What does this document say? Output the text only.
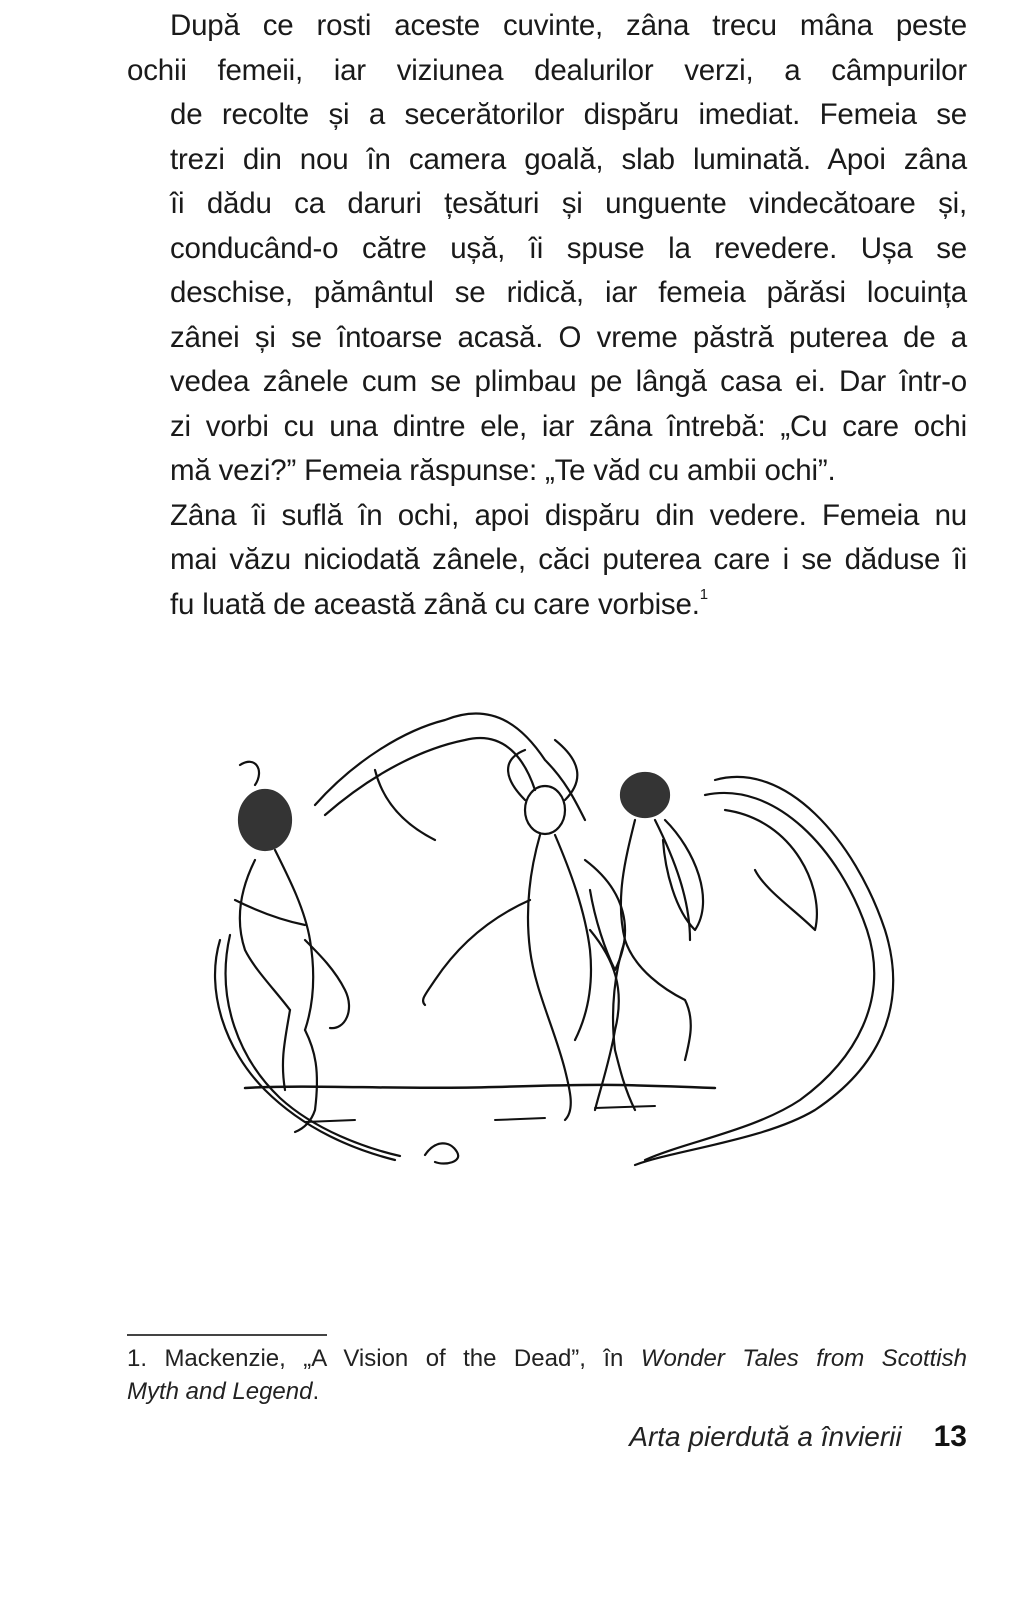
După ce rosti aceste cuvinte, zâna trecu mâna peste
ochii femeii, iar viziunea dealurilor verzi, a câmpurilor
de recolte și a secerătorilor dispăru imediat. Femeia se
trezi din nou în camera goală, slab luminată. Apoi zâna
îi dădu ca daruri țesături și unguente vindecătoare și,
conducând-o către ușă, îi spuse la revedere. Ușa se
deschise, pământul se ridică, iar femeia părăsi locuința
zânei și se întoarse acasă. O vreme păstră puterea de a
vedea zânele cum se plimbau pe lângă casa ei. Dar într-o
zi vorbi cu una dintre ele, iar zâna întrebă: „Cu care ochi
mă vezi?” Femeia răspunse: „Te văd cu ambii ochi”.

Zâna îi suflă în ochi, apoi dispăru din vedere. Femeia nu
mai văzu niciodată zânele, căci puterea care i se dăduse îi
fu luată de această zână cu care vorbise.$^1$

1. Mackenzie, „A Vision of the Dead”, în Wonder Tales from Scottish
Myth and Legend.
Arta pierdută a învierii 13
